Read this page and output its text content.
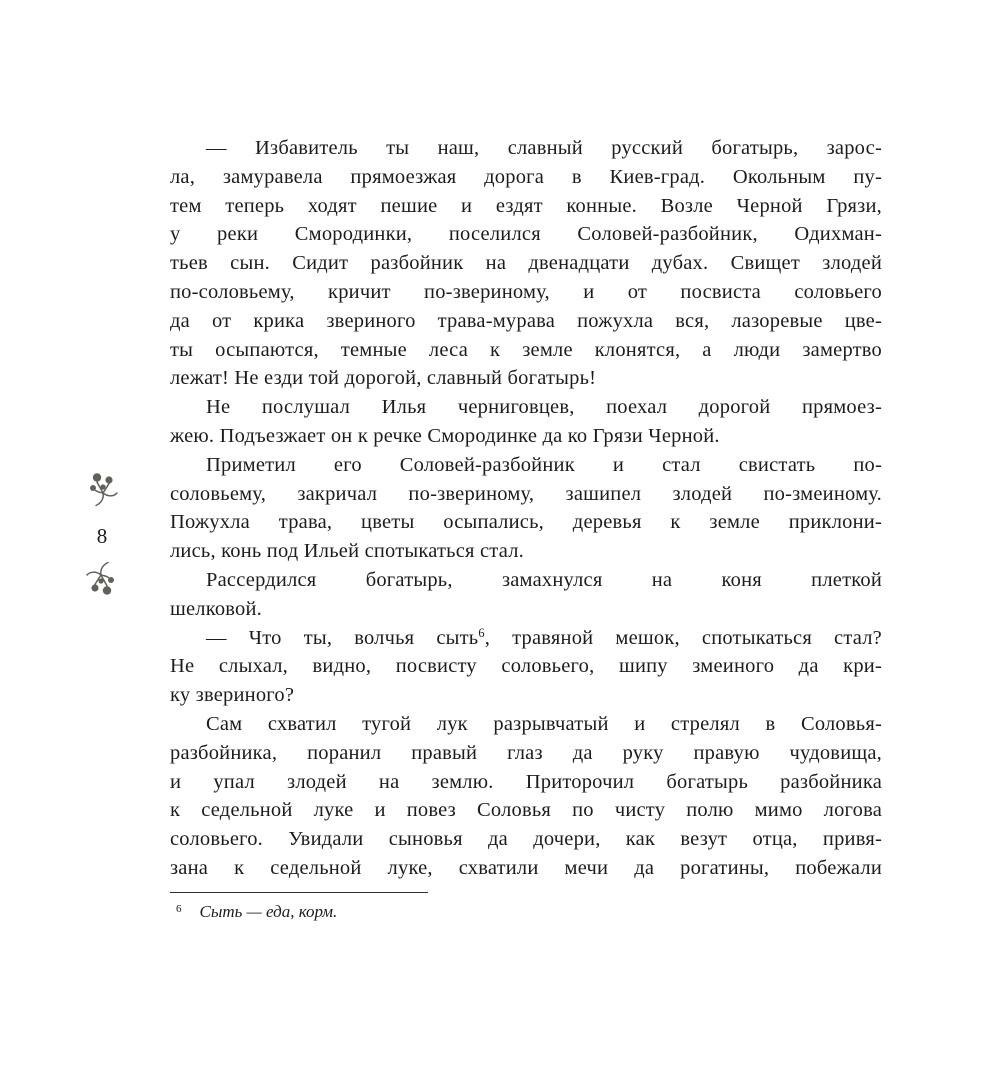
8
— Избавитель ты наш, славный русский богатырь, зарос-
ла, замуравела прямоезжая дорога в Киев-град. Окольным пу-
тем теперь ходят пешие и ездят конные. Возле Черной Грязи,
у реки Смородинки, поселился Соловей-разбойник, Одихман-
тьев сын. Сидит разбойник на двенадцати дубах. Свищет злодей
по-соловьему, кричит по-звериному, и от посвиста соловьего
да от крика звериного трава-мурава пожухла вся, лазоревые цве-
ты осыпаются, темные леса к земле клонятся, а люди замертво
лежат! Не езди той дорогой, славный богатырь!
Не послушал Илья черниговцев, поехал дорогой прямоез-
жею. Подъезжает он к речке Смородинке да ко Грязи Черной.
Приметил его Соловей-разбойник и стал свистать по-
соловьему, закричал по-звериному, зашипел злодей по-змеиному.
Пожухла трава, цветы осыпались, деревья к земле приклони-
лись, конь под Ильей спотыкаться стал.
Рассердился богатырь, замахнулся на коня плеткой
шелковой.
— Что ты, волчья сыть$^6$, травяной мешок, спотыкаться стал?
Не слыхал, видно, посвисту соловьего, шипу змеиного да кри-
ку звериного?
Сам схватил тугой лук разрывчатый и стрелял в Соловья-
разбойника, поранил правый глаз да руку правую чудовища,
и упал злодей на землю. Приторочил богатырь разбойника
к седельной луке и повез Соловья по чисту полю мимо логова
соловьего. Увидали сыновья да дочери, как везут отца, привя-
зана к седельной луке, схватили мечи да рогатины, побежали
$^6$ Сыть — еда, корм.
